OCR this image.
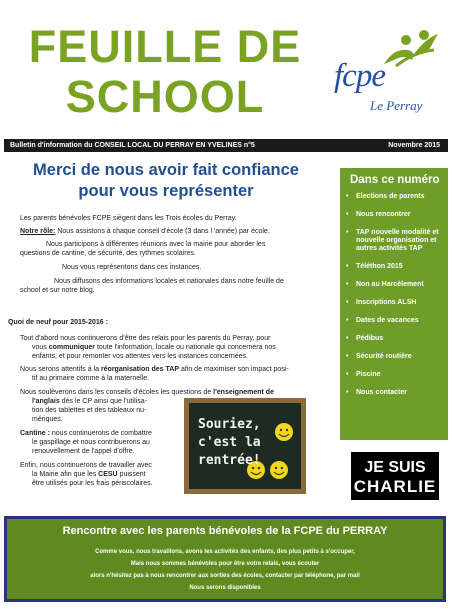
FEUILLE DE
SCHOOL	fcpe
Le Perray
Bulletin d'information du CONSEIL LOCAL DU PERRAY EN YVELINES n°5	Novembre 2015
Merci de nous avoir fait confiance pour vous représenter
Les parents bénévoles FCPE siègent dans les Trois écoles du Perray.
Notre rôle: Nous assistons à chaque conseil d'école (3 dans l 'année) par école.
Nous participons à différentes réunions avec la mairie pour aborder les
questions de cantine, de sécurité, des rythmes scolaires.
Nous vous représentons dans ces instances.
Nous diffusons des informations locales et nationales dans notre feuille de
school et sur notre blog.
Quoi de neuf pour 2015-2016 :
Tout d'abord nous continuerons d'être des relais pour les parents du Perray, pour
vous communiquer toute l'information, locale ou nationale qui concernera nos
enfants, et pour remonter vos attentes vers les instances concernées.
Nous serons attentifs à la réorganisation des TAP afin de maximiser son impact posi-
tif au primaire comme à la maternelle.
Nous soulèverons dans les conseils d'écoles les questions de l'enseignement de
l'anglais dès le CP ainsi que l'utilisa-
tion des tablettes et des tableaux nu-
mériques.
Cantine : nous continuerons de combattre
le gaspillage et nous contribuerons au
renouvellement de l'appel d'offre.
Enfin, nous continuerons de travailler avec
la Mairie afin que les CESU puissent
être utilisés pour les frais périscolaires.
Souriez,
c'est la
rentrée!
Dans ce numéro
• Elections de parents
• Nous rencontrer
• TAP nouvelle modalité et nouvelle organisation et autres activités TAP
• Téléthon 2015
• Non au Harcèlement
• Inscriptions ALSH
• Dates de vacances
• Pédibus
• Sécurité routière
• Piscine
• Nous contacter
JE SUIS
CHARLIE
Rencontre avec les parents bénévoles de la FCPE du PERRAY
Comme vous, nous travaillons, avons les activités des enfants, des plus petits à s'occuper,
Mais nous sommes bénévoles pour être votre relais, vous écouter
alors n'hésitez pas à nous rencontrer aux sorties des écoles, contacter par téléphone, par mail
Nous serons disponibles
